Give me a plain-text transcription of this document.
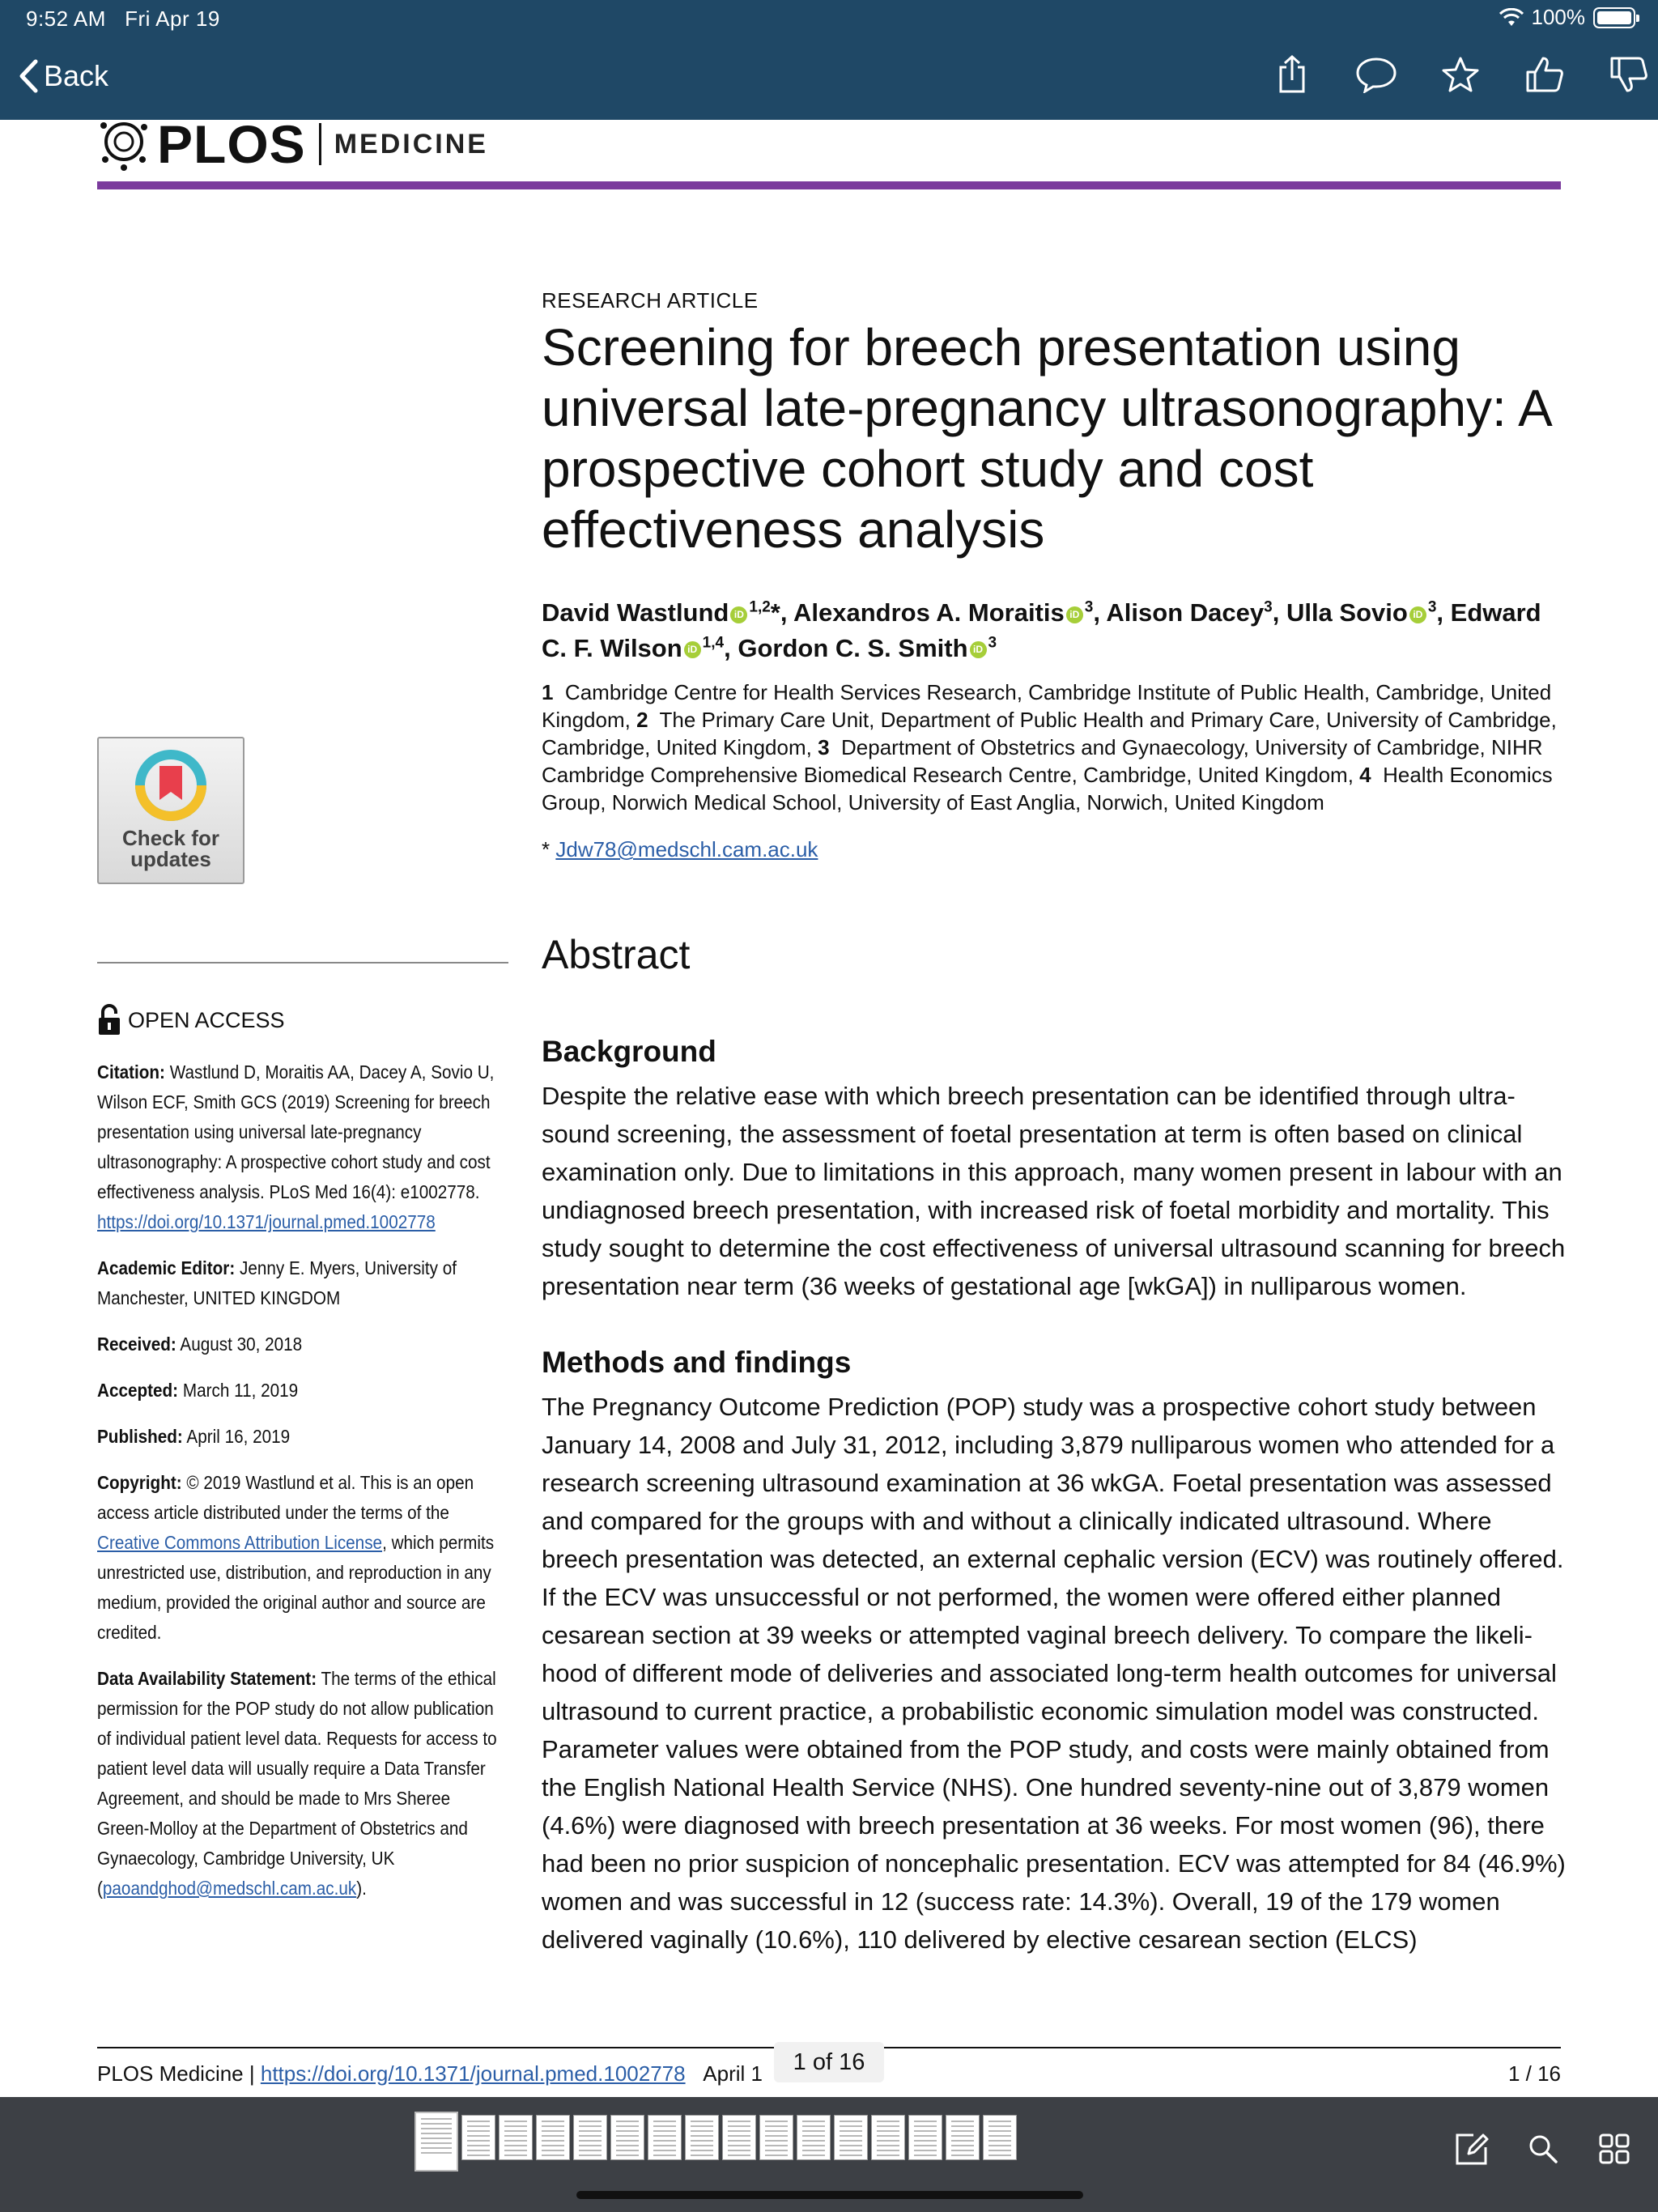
9:52 AM Fri Apr 19	100%
Back
PLOS MEDICINE
Check for updates
OPEN ACCESS

Citation: Wastlund D, Moraitis AA, Dacey A, Sovio U, Wilson ECF, Smith GCS (2019) Screening for breech presentation using universal late-pregnancy ultrasonography: A prospective cohort study and cost effectiveness analysis. PLoS Med 16(4): e1002778. https://doi.org/10.1371/journal.pmed.1002778

Academic Editor: Jenny E. Myers, University of Manchester, UNITED KINGDOM

Received: August 30, 2018

Accepted: March 11, 2019

Published: April 16, 2019

Copyright: © 2019 Wastlund et al. This is an open access article distributed under the terms of the Creative Commons Attribution License, which permits unrestricted use, distribution, and reproduction in any medium, provided the original author and source are credited.

Data Availability Statement: The terms of the ethical permission for the POP study do not allow publication of individual patient level data. Requests for access to patient level data will usually require a Data Transfer Agreement, and should be made to Mrs Sheree Green-Molloy at the Department of Obstetrics and Gynaecology, Cambridge University, UK (paoandghod@medschl.cam.ac.uk).

RESEARCH ARTICLE
Screening for breech presentation using universal late-pregnancy ultrasonography: A prospective cohort study and cost effectiveness analysis
David Wastlund iD $^{1,2}$*, Alexandros A. Moraitis iD $^3$, Alison Dacey$^3$, Ulla Sovio iD $^3$, Edward C. F. Wilson iD $^{1,4}$, Gordon C. S. Smith iD $^3$
1 Cambridge Centre for Health Services Research, Cambridge Institute of Public Health, Cambridge, United Kingdom, 2 The Primary Care Unit, Department of Public Health and Primary Care, University of Cambridge, Cambridge, United Kingdom, 3 Department of Obstetrics and Gynaecology, University of Cambridge, NIHR Cambridge Comprehensive Biomedical Research Centre, Cambridge, United Kingdom, 4 Health Economics Group, Norwich Medical School, University of East Anglia, Norwich, United Kingdom
* Jdw78@medschl.cam.ac.uk
Abstract
Background

Despite the relative ease with which breech presentation can be identified through ultra-sound screening, the assessment of foetal presentation at term is often based on clinical examination only. Due to limitations in this approach, many women present in labour with an undiagnosed breech presentation, with increased risk of foetal morbidity and mortality. This study sought to determine the cost effectiveness of universal ultrasound scanning for breech presentation near term (36 weeks of gestational age [wkGA]) in nulliparous women.

Methods and findings

The Pregnancy Outcome Prediction (POP) study was a prospective cohort study between January 14, 2008 and July 31, 2012, including 3,879 nulliparous women who attended for a research screening ultrasound examination at 36 wkGA. Foetal presentation was assessed and compared for the groups with and without a clinically indicated ultrasound. Where breech presentation was detected, an external cephalic version (ECV) was routinely offered. If the ECV was unsuccessful or not performed, the women were offered either planned cesarean section at 39 weeks or attempted vaginal breech delivery. To compare the likeli-hood of different mode of deliveries and associated long-term health outcomes for universal ultrasound to current practice, a probabilistic economic simulation model was constructed. Parameter values were obtained from the POP study, and costs were mainly obtained from the English National Health Service (NHS). One hundred seventy-nine out of 3,879 women (4.6%) were diagnosed with breech presentation at 36 weeks. For most women (96), there had been no prior suspicion of noncephalic presentation. ECV was attempted for 84 (46.9%) women and was successful in 12 (success rate: 14.3%). Overall, 19 of the 179 women delivered vaginally (10.6%), 110 delivered by elective cesarean section (ELCS)

PLOS Medicine | https://doi.org/10.1371/journal.pmed.1002778 April 1	1 / 16
1 of 16
